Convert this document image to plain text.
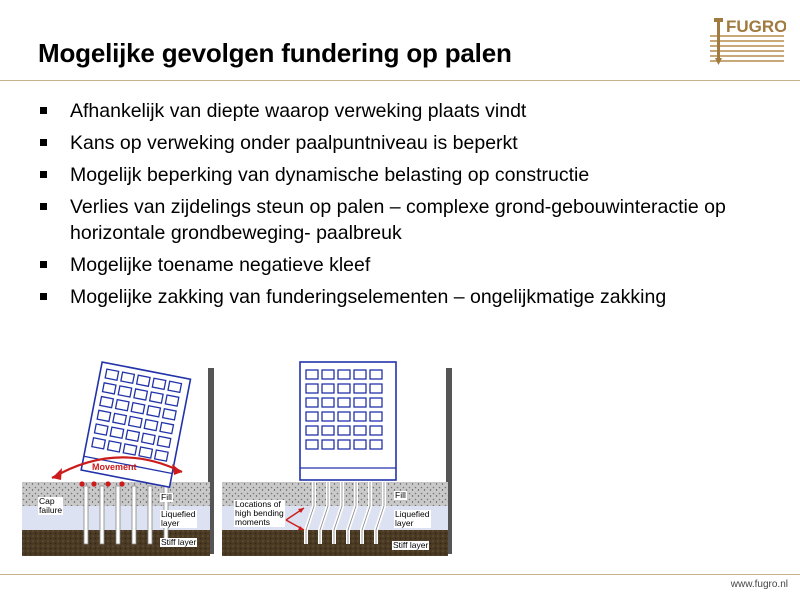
Mogelijke gevolgen fundering op palen
FUGRO
Afhankelijk van diepte waarop verweking plaats vindt
Kans op verweking onder paalpuntniveau is beperkt
Mogelijk beperking van dynamische belasting op constructie
Verlies van zijdelings steun op palen – complexe grond-gebouwinteractie op horizontale grondbeweging- paalbreuk
Mogelijke toename negatieve kleef
Mogelijke zakking van funderingselementen – ongelijkmatige zakking
Movement
Cap
failure
Fill
Liquefied
layer
Stiff layer
Locations of
high bending
moments
Fill
Liquefied
layer
Stiff layer
www.fugro.nl
